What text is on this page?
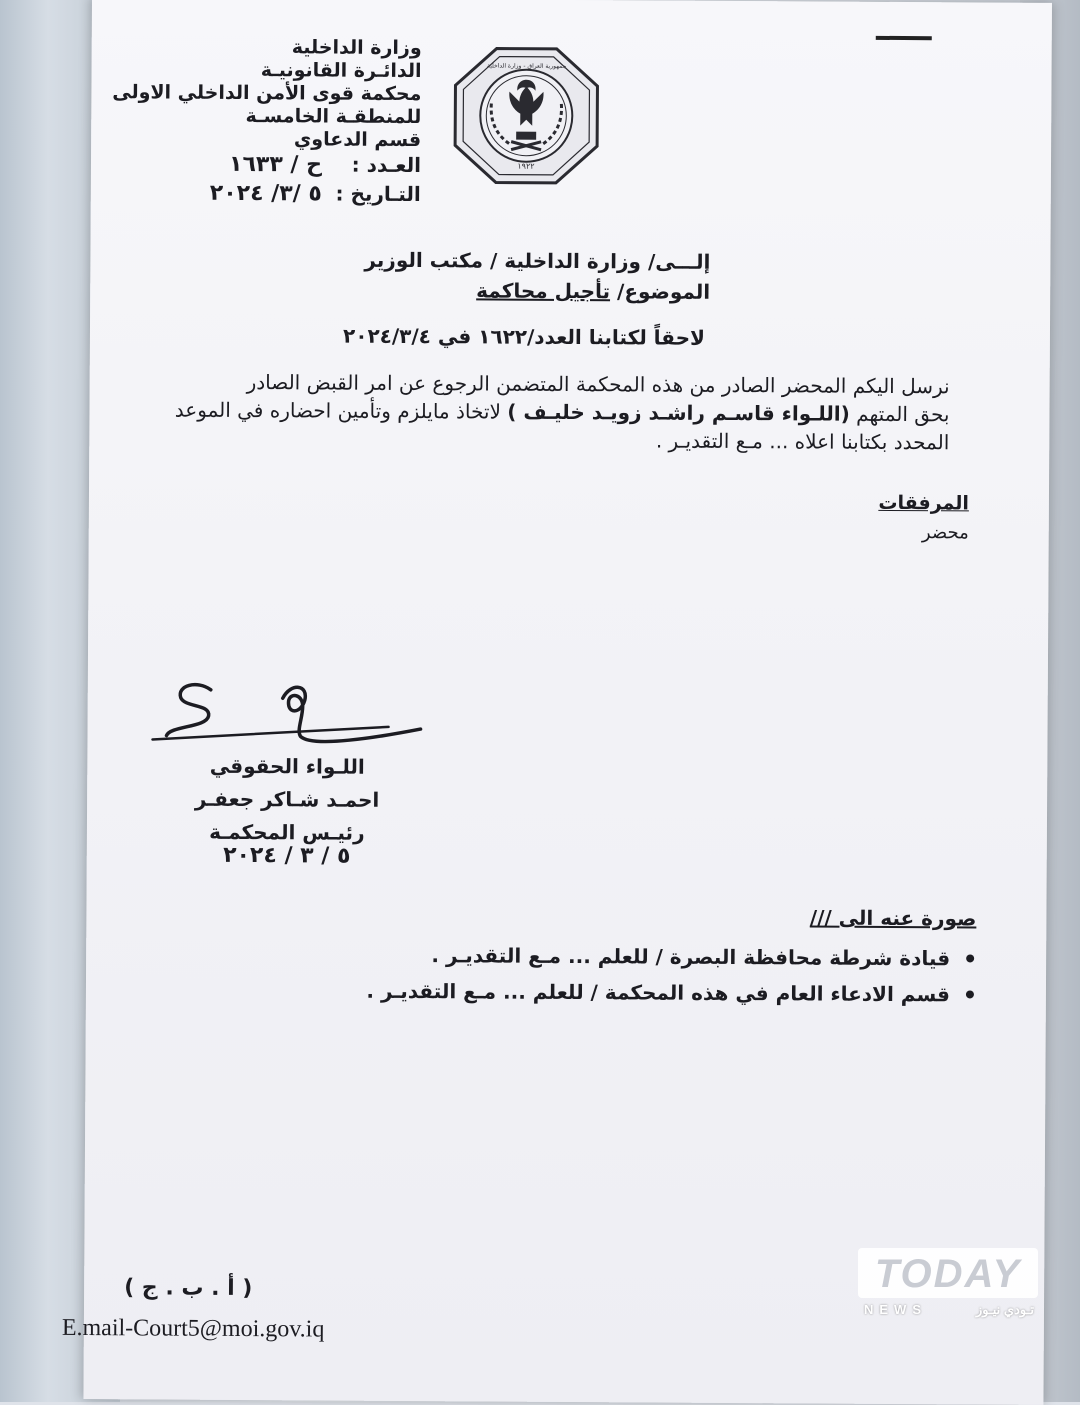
وزارة الداخلية
الدائـرة القانونيـة
محكمة قوى الأمن الداخلي الاولى
للمنطقـة الخامسـة
قسم الدعاوي
العـدد : ح / ١٦٣٣
التـاريخ : ٥ /٣/ ٢٠٢٤
١٩٢٢
جمهورية العراق - وزارة الداخلية
إلـــى/ وزارة الداخلية / مكتب الوزير
الموضوع/ تأجيل محاكمة
لاحقاً لكتابنا العدد/١٦٢٢ في ٢٠٢٤/٣/٤
نرسل اليكم المحضر الصادر من هذه المحكمة المتضمن الرجوع عن امر القبض الصادر
بحق المتهم (اللـواء قاسـم راشـد زويـد خليـف ) لاتخاذ مايلزم وتأمين احضاره في الموعد
المحدد بكتابنا اعلاه ... مـع التقديـر .
المرفقات
محضر
اللـواء الحقوقي
احمـد شـاكر جعفـر
رئيـس المحكمـة
٥ / ٣ / ٢٠٢٤
صورة عنه الى ///
قيادة شرطة محافظة البصرة / للعلم ... مـع التقديـر .
قسم الادعاء العام في هذه المحكمة / للعلم ... مـع التقديـر .
( أ . ب . ج )
E.mail-Court5@moi.gov.iq
TODAY
NEWS	تـودي نيـوز
